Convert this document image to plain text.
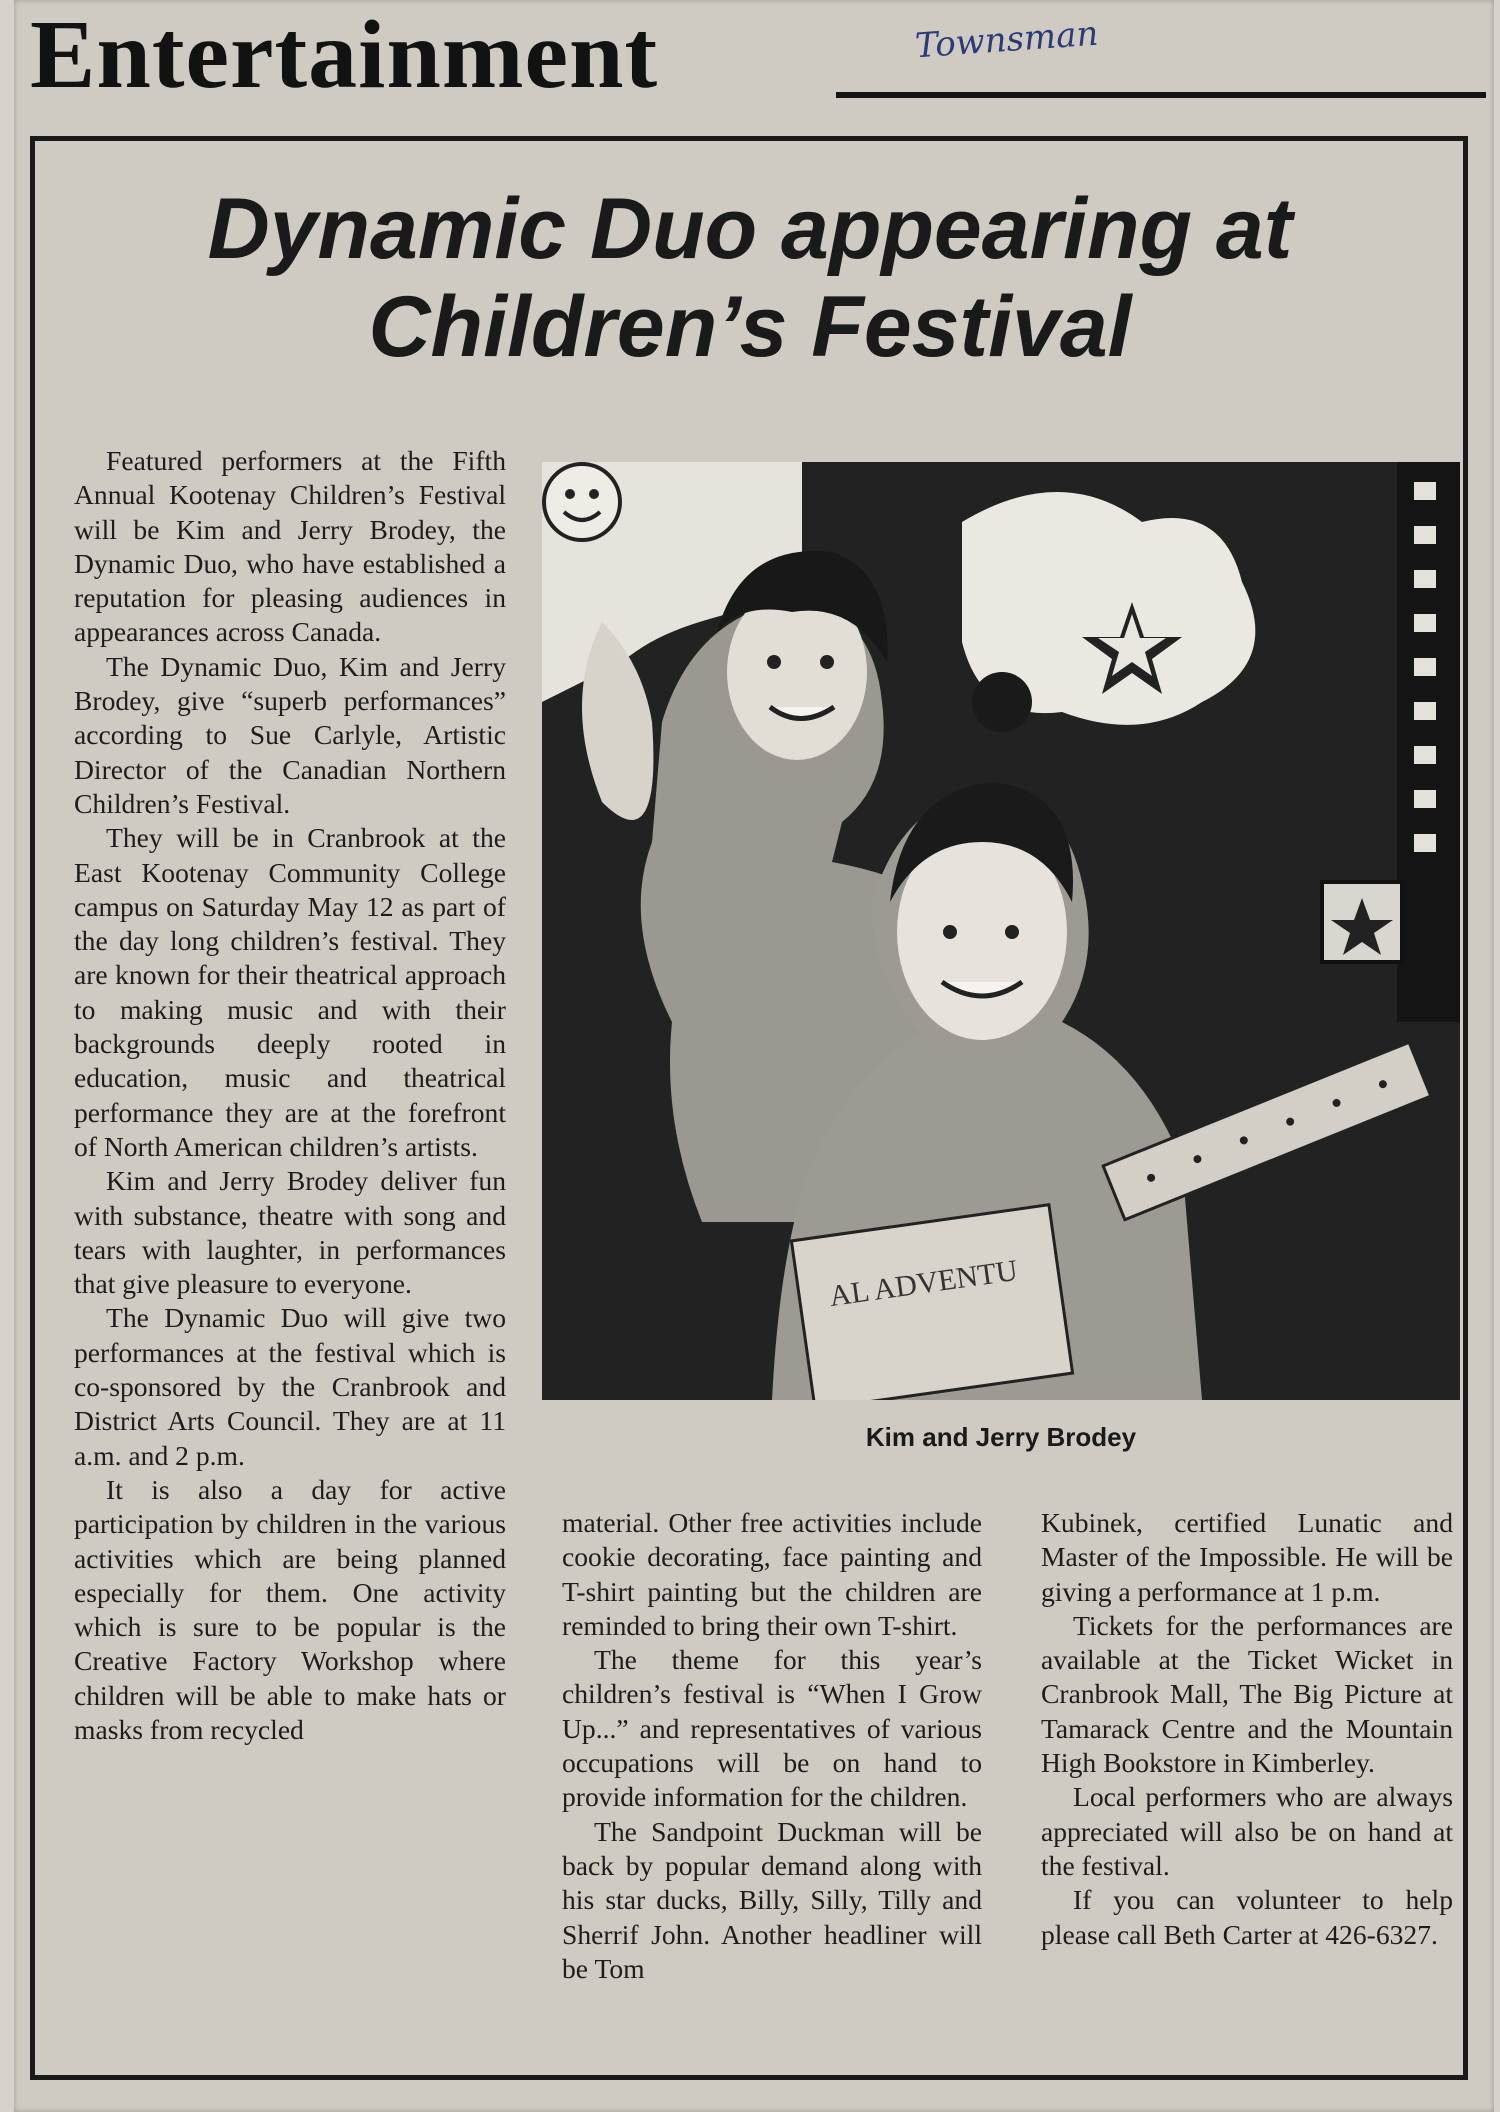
Entertainment	Townsman
Dynamic Duo appearing at Children’s Festival

Featured performers at the Fifth Annual Kootenay Children’s Festival will be Kim and Jerry Brodey, the Dynamic Duo, who have established a reputation for pleasing audiences in appearances across Canada.

The Dynamic Duo, Kim and Jerry Brodey, give “superb performances” according to Sue Carlyle, Artistic Director of the Canadian Northern Children’s Festival.

They will be in Cranbrook at the East Kootenay Community College campus on Saturday May 12 as part of the day long children’s festival. They are known for their theatrical approach to making music and with their backgrounds deeply rooted in education, music and theatrical performance they are at the forefront of North American children’s artists.

Kim and Jerry Brodey deliver fun with substance, theatre with song and tears with laughter, in performances that give pleasure to everyone.

The Dynamic Duo will give two performances at the festival which is co-sponsored by the Cranbrook and District Arts Council. They are at 11 a.m. and 2 p.m.

It is also a day for active participation by children in the various activities which are being planned especially for them. One activity which is sure to be popular is the Creative Factory Workshop where children will be able to make hats or masks from recycled

AL ADVENTU
Kim and Jerry Brodey

material. Other free activities include cookie decorating, face painting and T-shirt painting but the children are reminded to bring their own T-shirt.

The theme for this year’s children’s festival is “When I Grow Up...” and representatives of various occupations will be on hand to provide information for the children.

The Sandpoint Duckman will be back by popular demand along with his star ducks, Billy, Silly, Tilly and Sherrif John. Another headliner will be Tom

Kubinek, certified Lunatic and Master of the Impossible. He will be giving a performance at 1 p.m.

Tickets for the performances are available at the Ticket Wicket in Cranbrook Mall, The Big Picture at Tamarack Centre and the Mountain High Bookstore in Kimberley.

Local performers who are always appreciated will also be on hand at the festival.

If you can volunteer to help please call Beth Carter at 426-6327.
